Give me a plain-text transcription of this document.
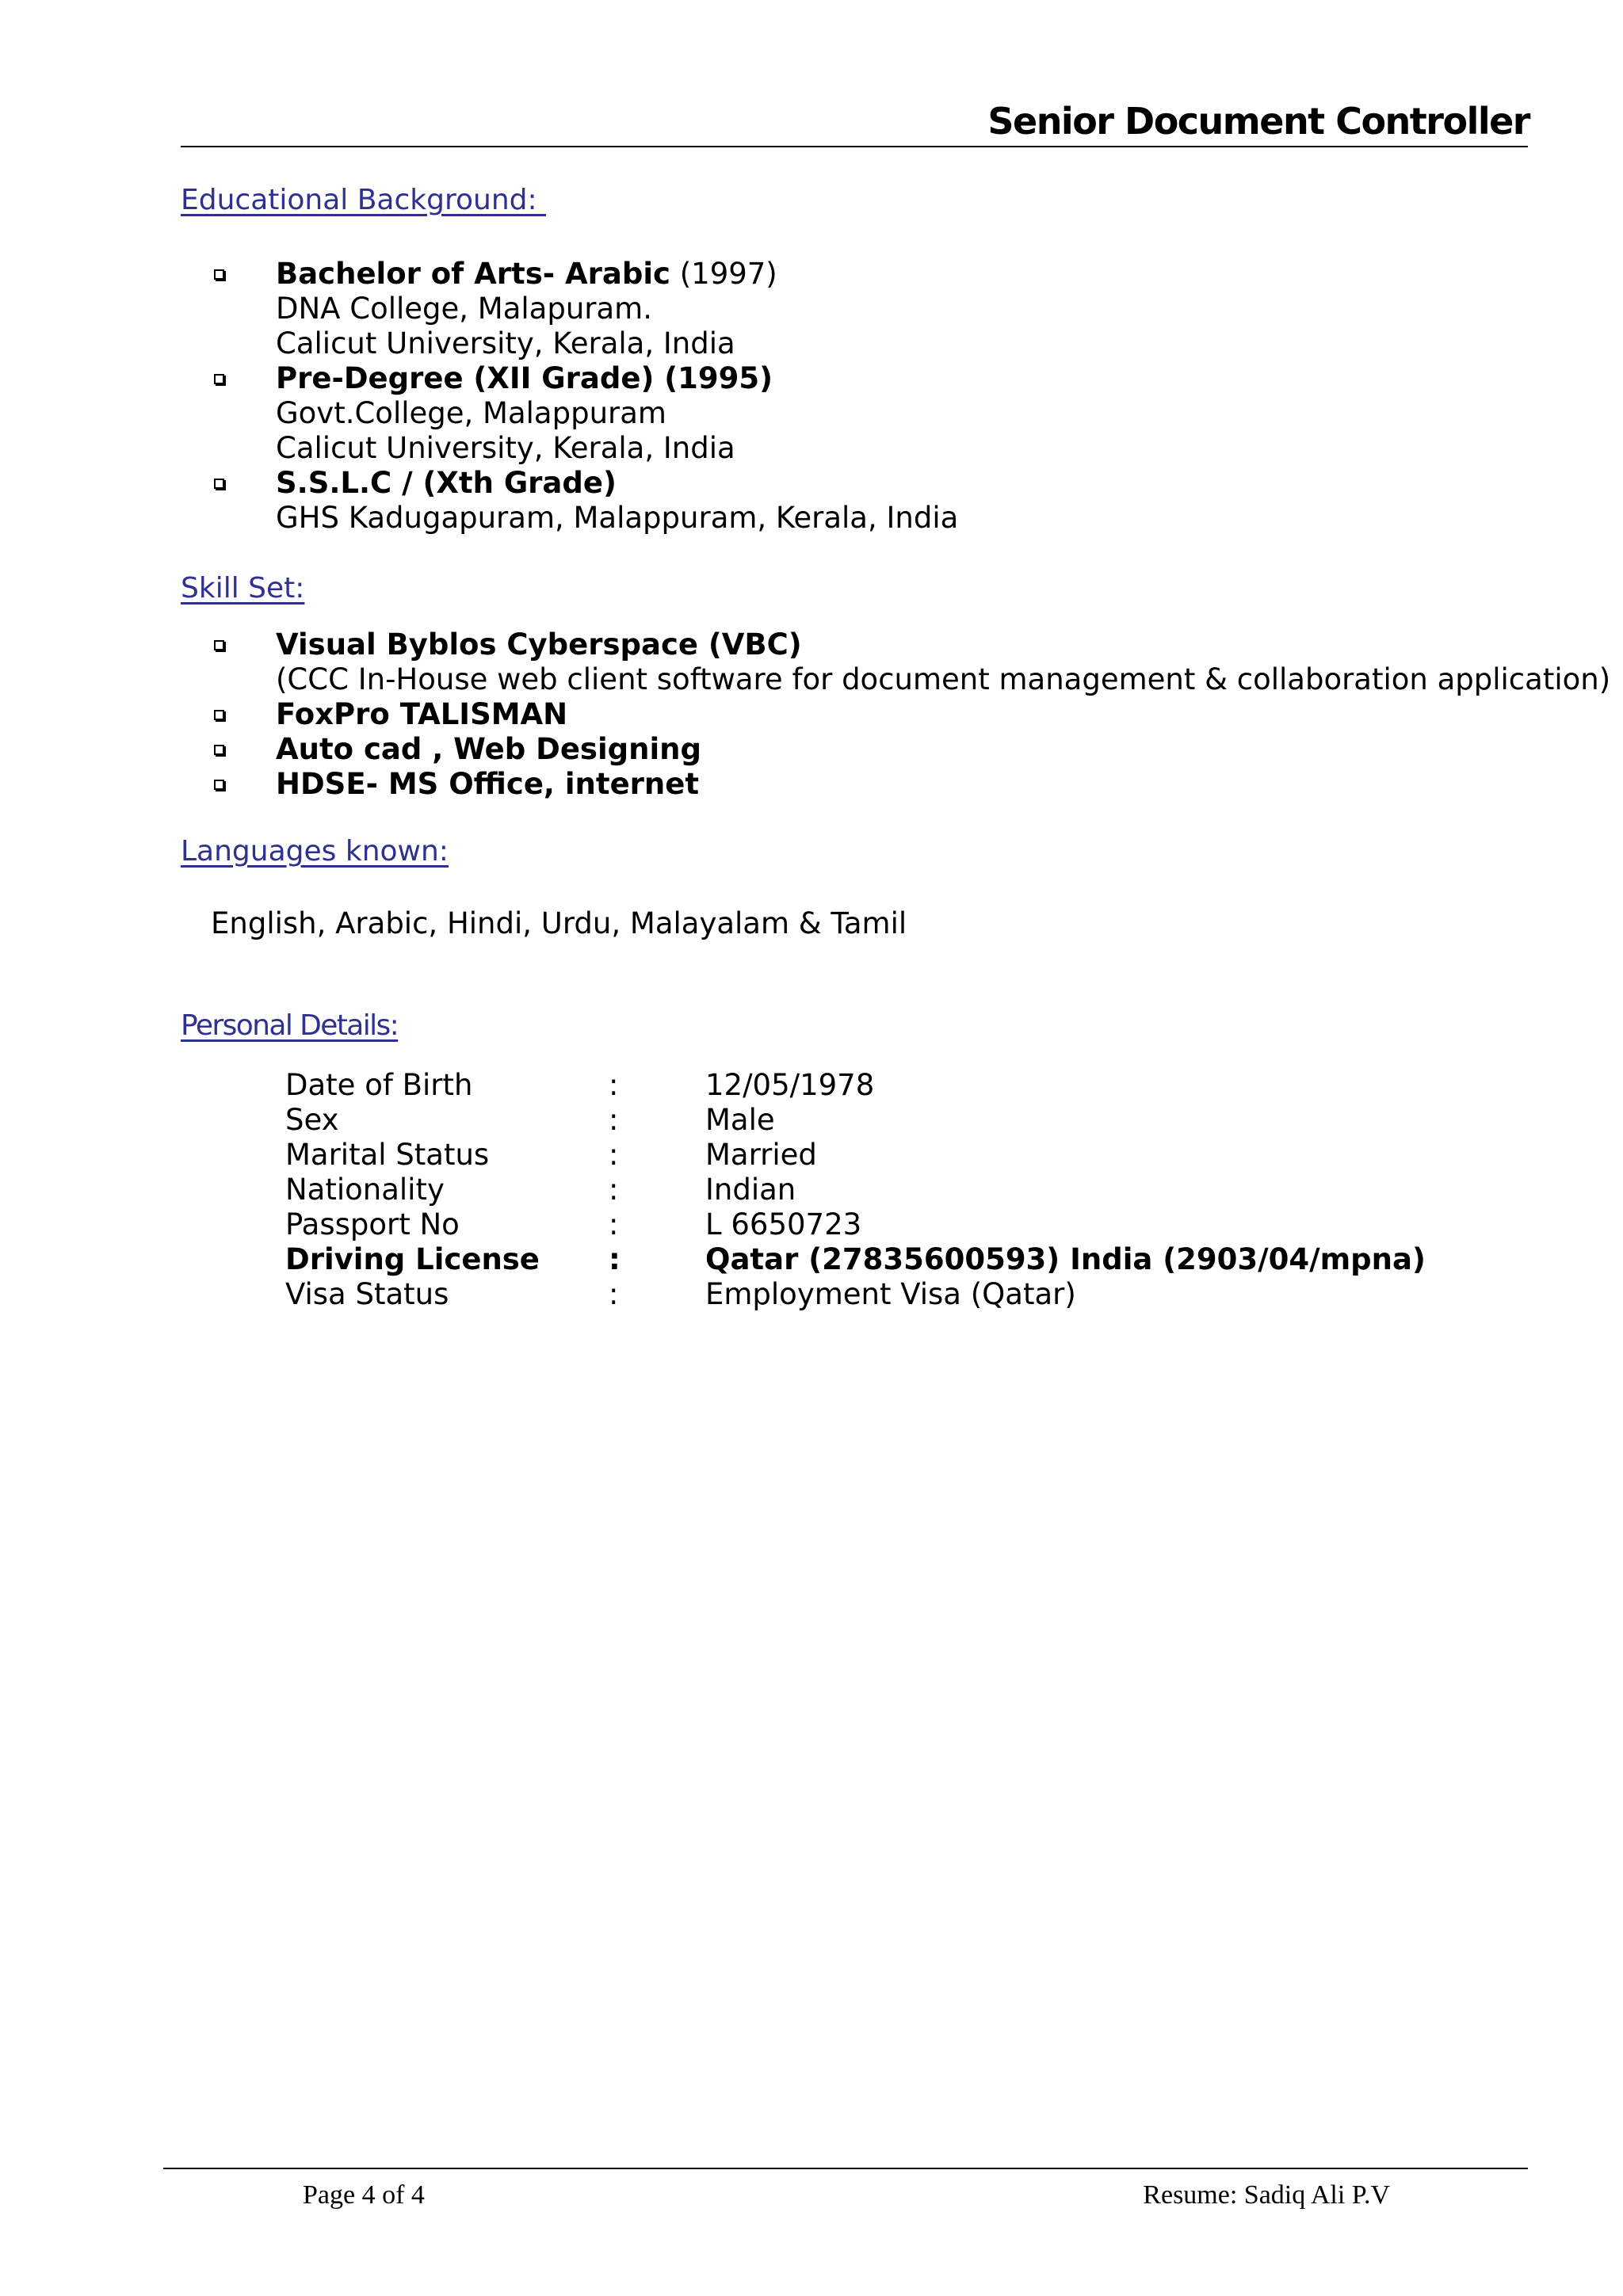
Senior Document Controller
Educational Background:
Bachelor of Arts- Arabic (1997)
DNA College, Malapuram.
Calicut University, Kerala, India
Pre-Degree (XII Grade) (1995)
Govt.College, Malappuram
Calicut University, Kerala, India
S.S.L.C / (Xth Grade)
GHS Kadugapuram, Malappuram, Kerala, India
Skill Set:
Visual Byblos Cyberspace (VBC)
(CCC In-House web client software for document management & collaboration application)
FoxPro TALISMAN
Auto cad , Web Designing
HDSE- MS Office, internet
Languages known:
English, Arabic, Hindi, Urdu, Malayalam & Tamil
Personal Details:
Date of Birth	:	12/05/1978
Sex	:	Male
Marital Status	:	Married
Nationality	:	Indian
Passport No	:	L 6650723
Driving License :	Qatar (27835600593) India (2903/04/mpna)
Visa Status	:	Employment Visa (Qatar)
Page 4 of 4	Resume: Sadiq Ali P.V
